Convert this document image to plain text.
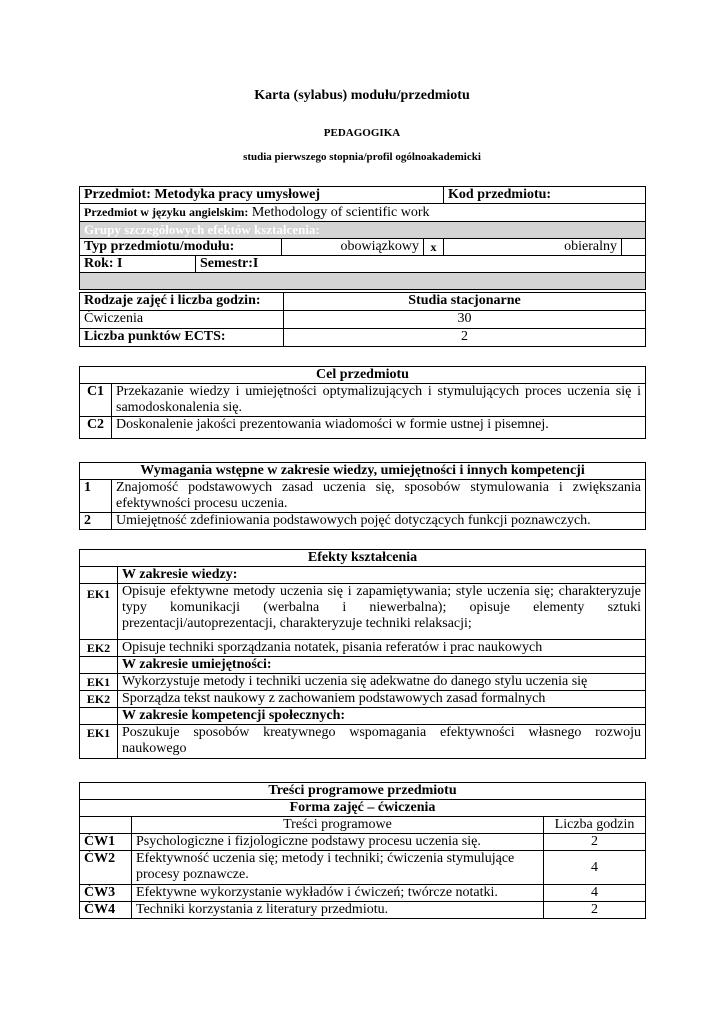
Karta (sylabus) modułu/przedmiotu
PEDAGOGIKA
studia pierwszego stopnia/profil ogólnoakademicki
Przedmiot: Metodyka pracy umysłowej				Kod przedmiotu:	
Przedmiot w języku angielskim: Methodology of scientific work					
Grupy szczegółowych efektów kształcenia:					
Typ przedmiotu/modułu:		obowiązkowy	x	obieralny	
Rok: I	Semestr:I				

Rodzaje zajęć i liczba godzin:	Studia stacjonarne
Ćwiczenia	30
Liczba punktów ECTS:	2
Cel przedmiotu	
C1	Przekazanie wiedzy i umiejętności optymalizujących i stymulujących proces uczenia się i samodoskonalenia się.
C2	Doskonalenie jakości prezentowania wiadomości w formie ustnej i pisemnej.
Wymagania wstępne w zakresie wiedzy, umiejętności i innych kompetencji	
1	Znajomość podstawowych zasad uczenia się, sposobów stymulowania i zwiększania efektywności procesu uczenia.
2	Umiejętność zdefiniowania podstawowych pojęć dotyczących funkcji poznawczych.
Efekty kształcenia	
	W zakresie wiedzy:
EK1	Opisuje efektywne metody uczenia się i zapamiętywania; style uczenia się; charakteryzuje typy komunikacji (werbalna i niewerbalna); opisuje elementy sztuki prezentacji/autoprezentacji, charakteryzuje techniki relaksacji;
EK2	Opisuje techniki sporządzania notatek, pisania referatów i prac naukowych
	W zakresie umiejętności:
EK1	Wykorzystuje metody i techniki uczenia się adekwatne do danego stylu uczenia się
EK2	Sporządza tekst naukowy z zachowaniem podstawowych zasad formalnych
	W zakresie kompetencji społecznych:
EK1	Poszukuje sposobów kreatywnego wspomagania efektywności własnego rozwoju naukowego
Treści programowe przedmiotu		
Forma zajęć – ćwiczenia		
	Treści programowe	Liczba godzin
ĆW1	Psychologiczne i fizjologiczne podstawy procesu uczenia się.	2
ĆW2	Efektywność uczenia się; metody i techniki; ćwiczenia stymulujące procesy poznawcze.	4
ĆW3	Efektywne wykorzystanie wykładów i ćwiczeń; twórcze notatki.	4
ĆW4	Techniki korzystania z literatury przedmiotu.	2
